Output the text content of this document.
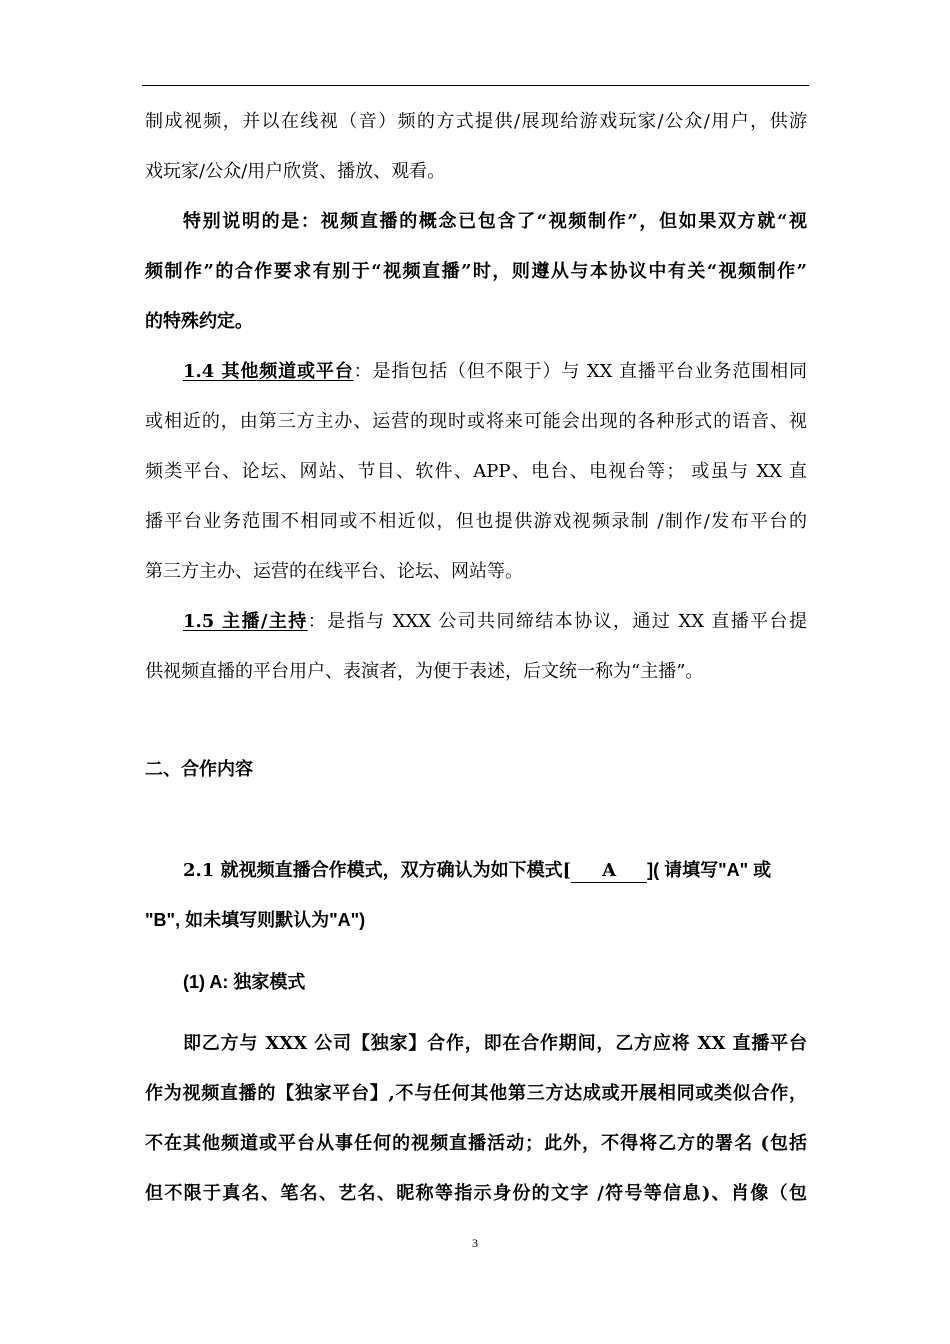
制成视频，并以在线视（音）频的方式提供/展现给游戏玩家/公众/用户，供游
戏玩家/公众/用户欣赏、播放、观看。
特别说明的是：视频直播的概念已包含了“视频制作”，但如果双方就“视
频制作”的合作要求有别于“视频直播”时，则遵从与本协议中有关“视频制作”
的特殊约定。
1.4 其他频道或平台：是指包括（但不限于）与 XX 直播平台业务范围相同
或相近的，由第三方主办、运营的现时或将来可能会出现的各种形式的语音、视
频类平台、论坛、网站、节目、软件、APP、电台、电视台等； 或虽与 XX 直
播平台业务范围不相同或不相近似，但也提供游戏视频录制 /制作/发布平台的
第三方主办、运营的在线平台、论坛、网站等。
1.5 主播/主持：是指与 XXX 公司共同缔结本协议，通过 XX 直播平台提
供视频直播的平台用户、表演者，为便于表述，后文统一称为“主播”。
二、合作内容
2.1 就视频直播合作模式，双方确认为如下模式[ A ]( 请填写"A" 或
"B", 如未填写则默认为"A")
(1) A: 独家模式
即乙方与 XXX 公司【独家】合作，即在合作期间，乙方应将 XX 直播平台
作为视频直播的【独家平台】,不与任何其他第三方达成或开展相同或类似合作，
不在其他频道或平台从事任何的视频直播活动；此外，不得将乙方的署名 (包括
但不限于真名、笔名、艺名、昵称等指示身份的文字 /符号等信息)、肖像（包
3
